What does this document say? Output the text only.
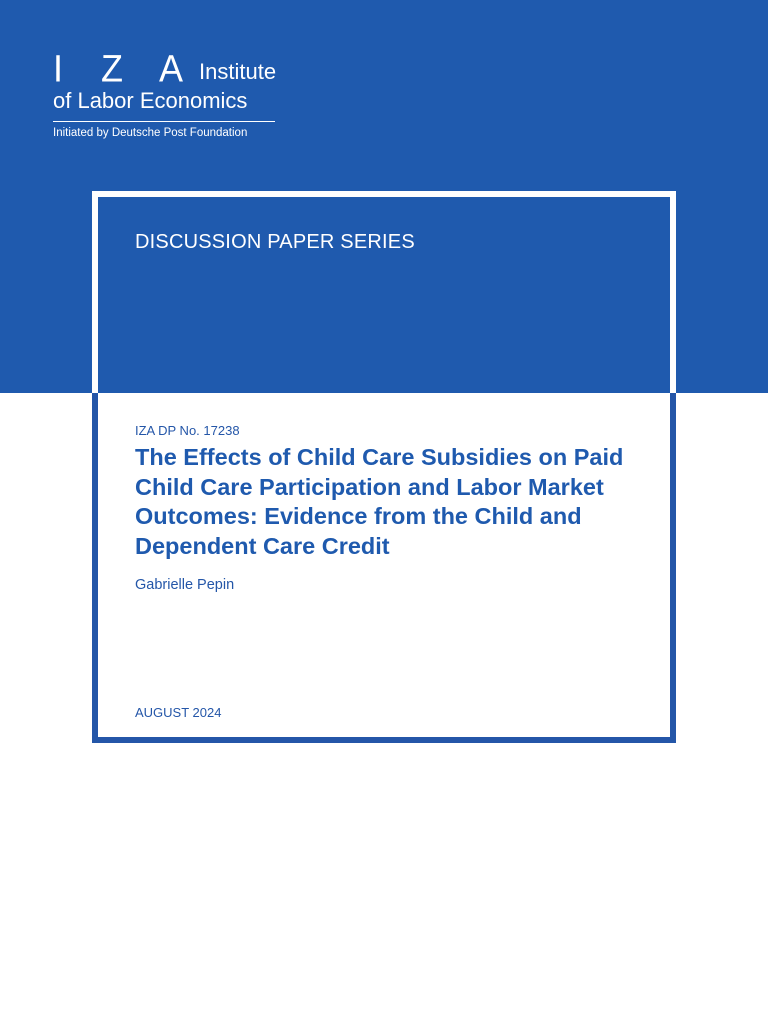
I Z A Institute
of Labor Economics
Initiated by Deutsche Post Foundation
DISCUSSION PAPER SERIES
IZA DP No. 17238
The Effects of Child Care Subsidies on Paid Child Care Participation and Labor Market Outcomes: Evidence from the Child and Dependent Care Credit
Gabrielle Pepin
AUGUST 2024
